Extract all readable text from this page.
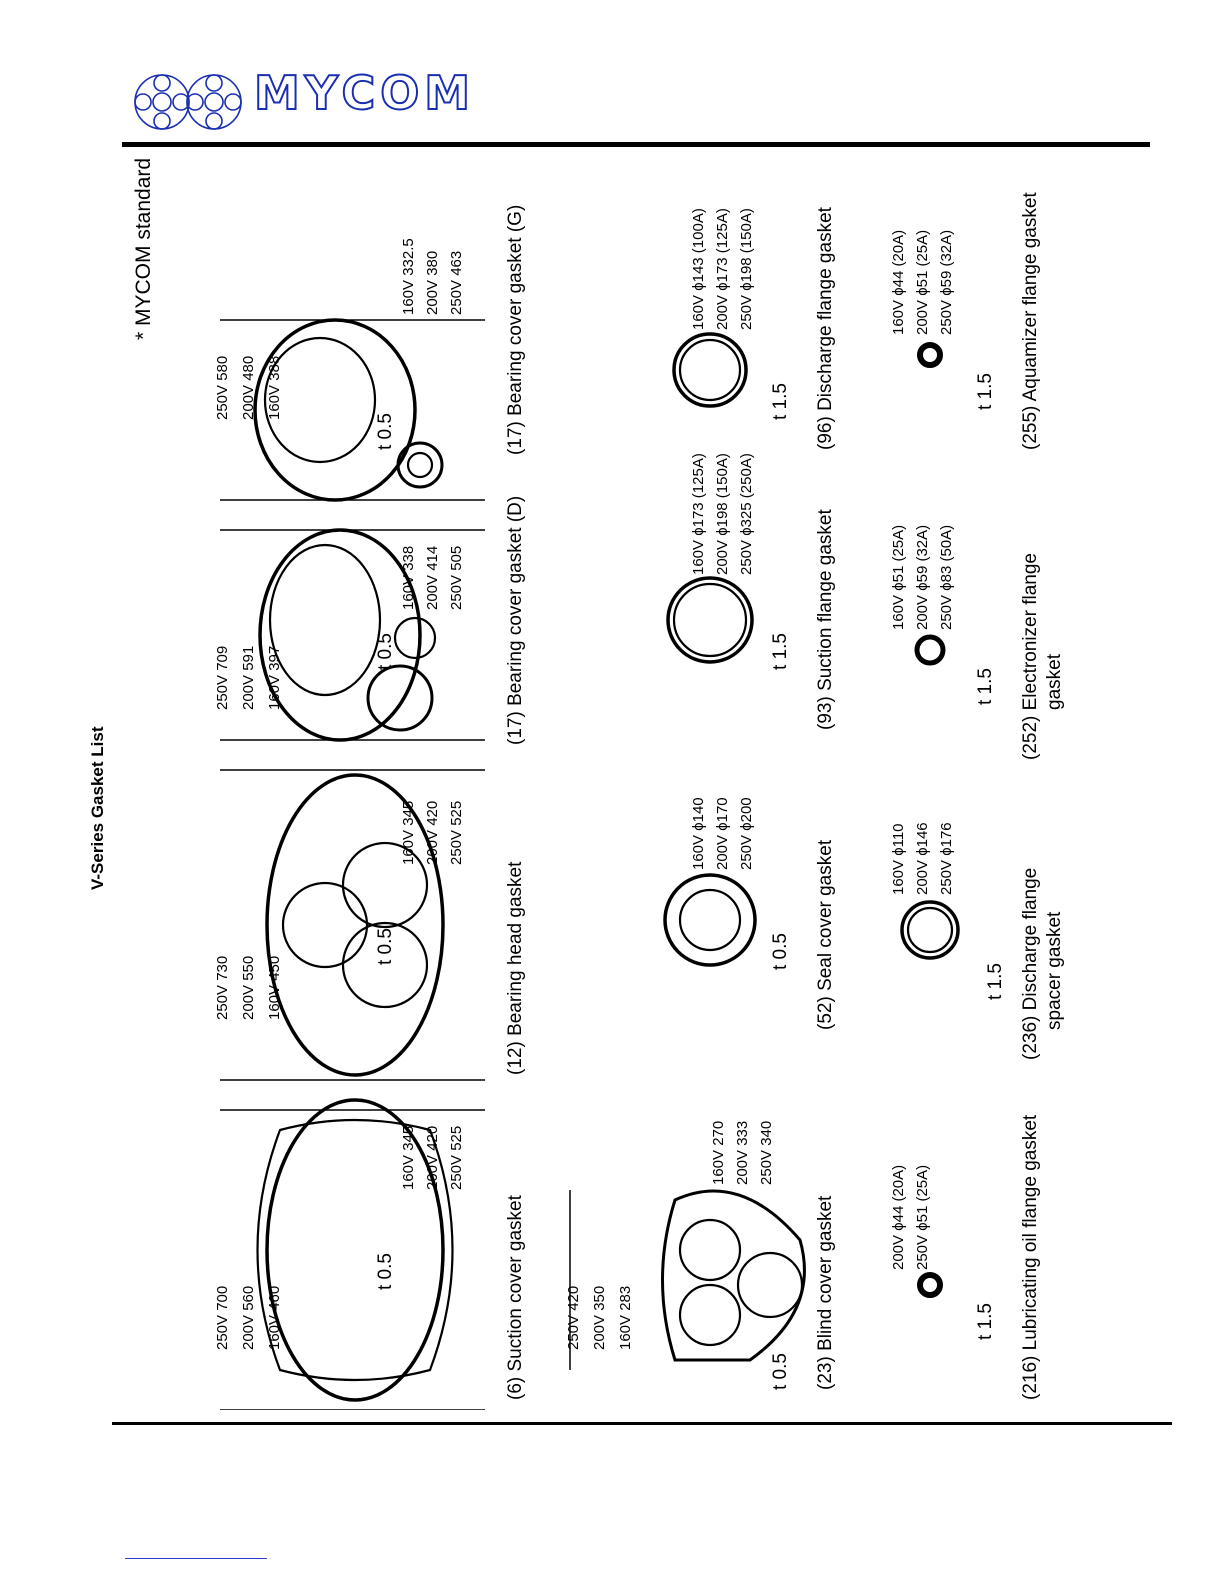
MYCOM
V-Series Gasket List
* MYCOM standard
(6) Suction cover gasket
(12) Bearing head gasket
(17) Bearing cover gasket (D)
(17) Bearing cover gasket (G)
(23) Blind cover gasket
(52) Seal cover gasket
(93) Suction flange gasket
(96) Discharge flange gasket
(216) Lubricating oil flange gasket
(236) Discharge flange spacer gasket
(252) Electronizer flange gasket
(255) Aquamizer flange gasket
t 0.5
t 0.5
t 0.5
t 0.5
t 0.5
t 0.5
t 1.5
t 1.5
t 1.5
t 1.5
t 1.5
t 1.5
250V 700 200V 560 160V 460
250V 730 200V 550 160V 450
250V 709 200V 591 160V 397
250V 580 200V 480 160V 388
250V 420 200V 350 160V 283
160V 345 200V 420 250V 525
160V 345 200V 420 250V 525
160V 338 200V 414 250V 505
160V 332.5 200V 380 250V 463
160V 270 200V 333 250V 340
160V ϕ140 200V ϕ170 250V ϕ200
160V ϕ173 (125A) 200V ϕ198 (150A) 250V ϕ325 (250A)
160V ϕ143 (100A) 200V ϕ173 (125A) 250V ϕ198 (150A)
200V ϕ44 (20A) 250V ϕ51 (25A)
160V ϕ110 200V ϕ146 250V ϕ176
160V ϕ51 (25A) 200V ϕ59 (32A) 250V ϕ83 (50A)
160V ϕ44 (20A) 200V ϕ51 (25A) 250V ϕ59 (32A)
